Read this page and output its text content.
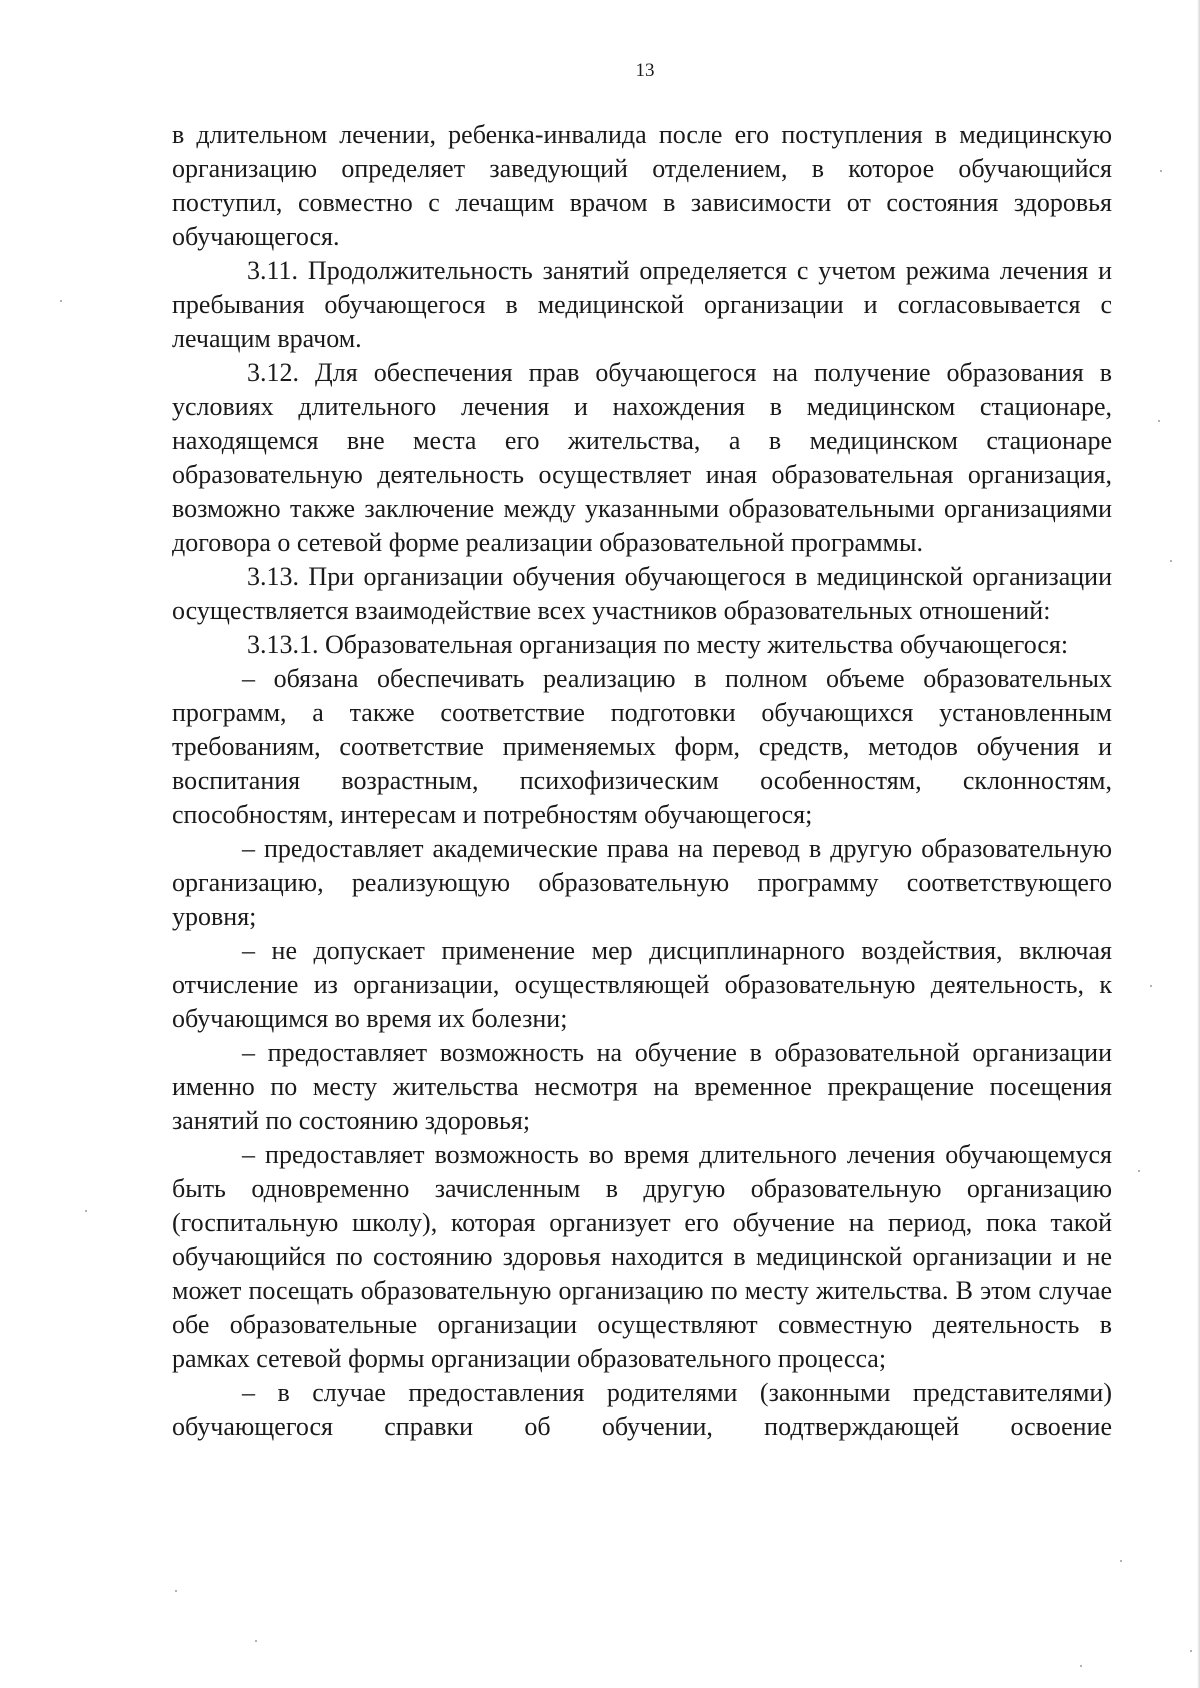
13

в длительном лечении, ребенка-инвалида после его поступления в медицинскую организацию определяет заведующий отделением, в которое обучающийся поступил, совместно с лечащим врачом в зависимости от состояния здоровья обучающегося.

3.11. Продолжительность занятий определяется с учетом режима лечения и пребывания обучающегося в медицинской организации и согласовывается с лечащим врачом.

3.12. Для обеспечения прав обучающегося на получение образования в условиях длительного лечения и нахождения в медицинском стационаре, находящемся вне места его жительства, а в медицинском стационаре образовательную деятельность осуществляет иная образовательная организация, возможно также заключение между указанными образовательными организациями договора о сетевой форме реализации образовательной программы.

3.13. При организации обучения обучающегося в медицинской организации осуществляется взаимодействие всех участников образовательных отношений:

3.13.1. Образовательная организация по месту жительства обучающегося:

– обязана обеспечивать реализацию в полном объеме образовательных программ, а также соответствие подготовки обучающихся установленным требованиям, соответствие применяемых форм, средств, методов обучения и воспитания возрастным, психофизическим особенностям, склонностям, способностям, интересам и потребностям обучающегося;

– предоставляет академические права на перевод в другую образовательную организацию, реализующую образовательную программу соответствующего уровня;

– не допускает применение мер дисциплинарного воздействия, включая отчисление из организации, осуществляющей образовательную деятельность, к обучающимся во время их болезни;

– предоставляет возможность на обучение в образовательной организации именно по месту жительства несмотря на временное прекращение посещения занятий по состоянию здоровья;

– предоставляет возможность во время длительного лечения обучающемуся быть одновременно зачисленным в другую образовательную организацию (госпитальную школу), которая организует его обучение на период, пока такой обучающийся по состоянию здоровья находится в медицинской организации и не может посещать образовательную организацию по месту жительства. В этом случае обе образовательные организации осуществляют совместную деятельность в рамках сетевой формы организации образовательного процесса;

– в случае предоставления родителями (законными представителями) обучающегося справки об обучении, подтверждающей освоение
